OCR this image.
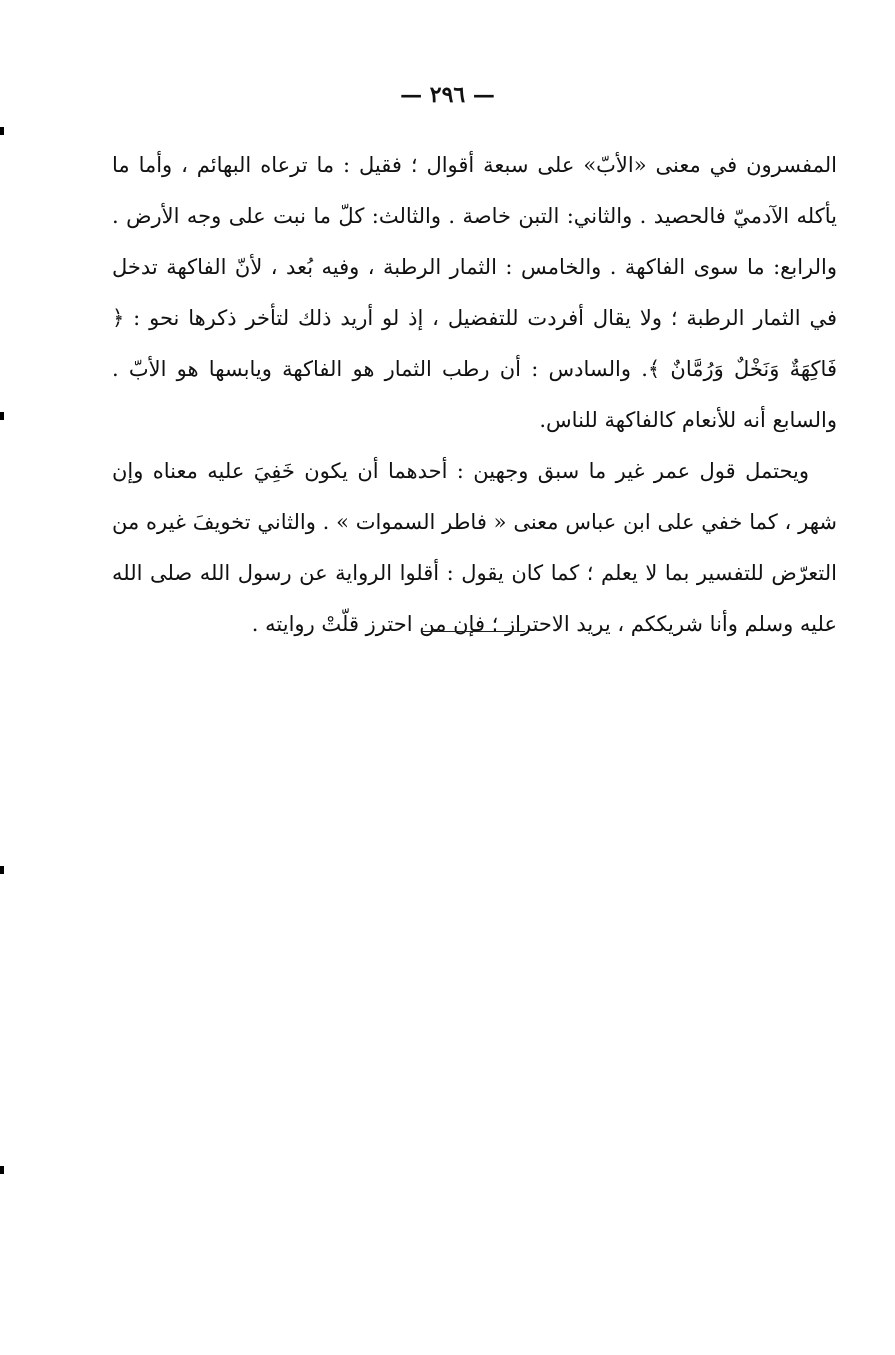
— ٢٩٦ —

المفسرون في معنى «الأبّ» على سبعة أقوال ؛ فقيل : ما ترعاه البهائم ، وأما ما يأكله الآدميّ فالحصيد . والثاني: التبن خاصة . والثالث: كلّ ما نبت على وجه الأرض . والرابع: ما سوى الفاكهة . والخامس : الثمار الرطبة ، وفيه بُعد ، لأنّ الفاكهة تدخل في الثمار الرطبة ؛ ولا يقال أفردت للتفضيل ، إذ لو أريد ذلك لتأخر ذكرها نحو : ﴿ فَاكِهَةٌ وَنَخْلٌ وَرُمَّانٌ ﴾. والسادس : أن رطب الثمار هو الفاكهة ويابسها هو الأبّ . والسابع أنه للأنعام كالفاكهة للناس.

ويحتمل قول عمر غير ما سبق وجهين : أحدهما أن يكون خَفِيَ عليه معناه وإن شهر ، كما خفي على ابن عباس معنى « فاطر السموات » . والثاني تخويفَ غيره من التعرّض للتفسير بما لا يعلم ؛ كما كان يقول : أقلوا الرواية عن رسول الله صلى الله عليه وسلم وأنا شريككم ، يريد الاحتراز ؛ فإن من احترز قلّتْ روايته .
